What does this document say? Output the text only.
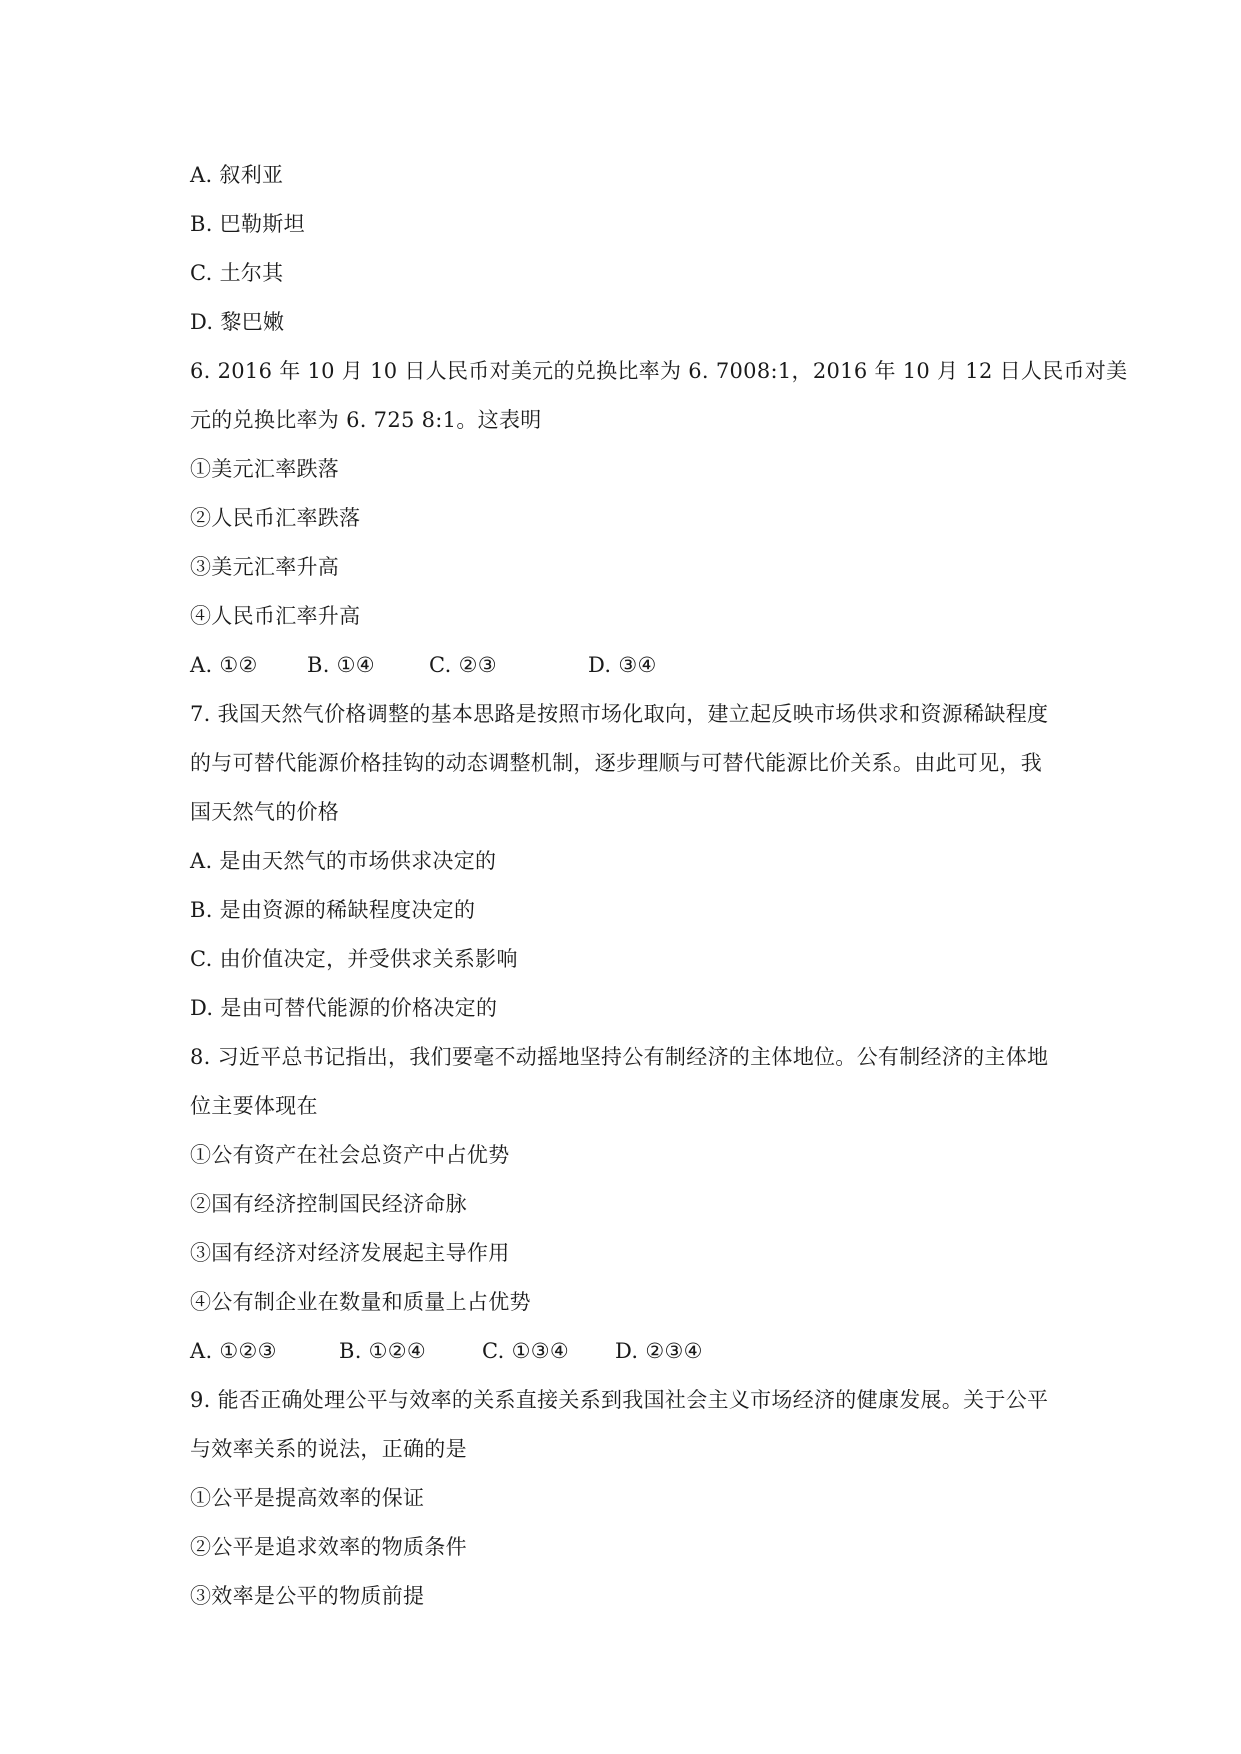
A. 叙利亚
B. 巴勒斯坦
C. 土尔其
D. 黎巴嫩
6. 2016 年 10 月 10 日人民币对美元的兑换比率为 6. 7008:1，2016 年 10 月 12 日人民币对美
元的兑换比率为 6. 725 8:1。这表明
①美元汇率跌落
②人民币汇率跌落
③美元汇率升高
④人民币汇率升高
A. ①② B. ①④	C. ②③	D. ③④
7. 我国天然气价格调整的基本思路是按照市场化取向，建立起反映市场供求和资源稀缺程度
的与可替代能源价格挂钩的动态调整机制，逐步理顺与可替代能源比价关系。由此可见，我
国天然气的价格
A. 是由天然气的市场供求决定的
B. 是由资源的稀缺程度决定的
C. 由价值决定，并受供求关系影响
D. 是由可替代能源的价格决定的
8. 习近平总书记指出，我们要毫不动摇地坚持公有制经济的主体地位。公有制经济的主体地
位主要体现在
①公有资产在社会总资产中占优势
②国有经济控制国民经济命脉
③国有经济对经济发展起主导作用
④公有制企业在数量和质量上占优势
A. ①②③	B. ①②④	C. ①③④ D. ②③④
9. 能否正确处理公平与效率的关系直接关系到我国社会主义市场经济的健康发展。关于公平
与效率关系的说法，正确的是
①公平是提高效率的保证
②公平是追求效率的物质条件
③效率是公平的物质前提
